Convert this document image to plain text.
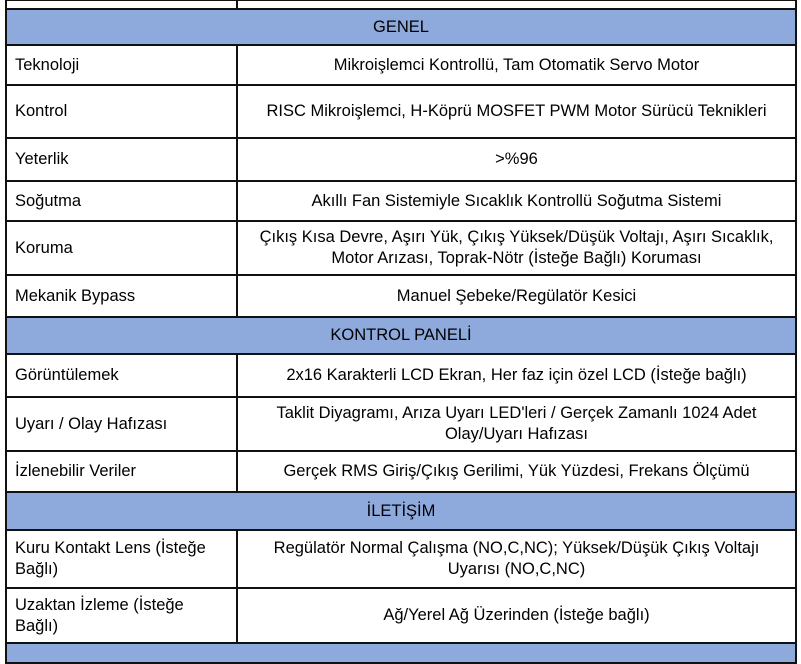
GENEL	
Teknoloji	Mikroişlemci Kontrollü, Tam Otomatik Servo Motor
Kontrol	RISC Mikroişlemci, H-Köprü MOSFET PWM Motor Sürücü Teknikleri
Yeterlik	>%96
Soğutma	Akıllı Fan Sistemiyle Sıcaklık Kontrollü Soğutma Sistemi
Koruma	Çıkış Kısa Devre, Aşırı Yük, Çıkış Yüksek/Düşük Voltajı, Aşırı Sıcaklık, Motor Arızası, Toprak-Nötr (İsteğe Bağlı) Koruması
Mekanik Bypass	Manuel Şebeke/Regülatör Kesici
KONTROL PANELİ	
Görüntülemek	2x16 Karakterli LCD Ekran, Her faz için özel LCD (İsteğe bağlı)
Uyarı / Olay Hafızası	Taklit Diyagramı, Arıza Uyarı LED'leri / Gerçek Zamanlı 1024 Adet Olay/Uyarı Hafızası
İzlenebilir Veriler	Gerçek RMS Giriş/Çıkış Gerilimi, Yük Yüzdesi, Frekans Ölçümü
İLETİŞİM	
Kuru Kontakt Lens (İsteğe Bağlı)	Regülatör Normal Çalışma (NO,C,NC); Yüksek/Düşük Çıkış Voltajı Uyarısı (NO,C,NC)
Uzaktan İzleme (İsteğe Bağlı)	Ağ/Yerel Ağ Üzerinden (İsteğe bağlı)
